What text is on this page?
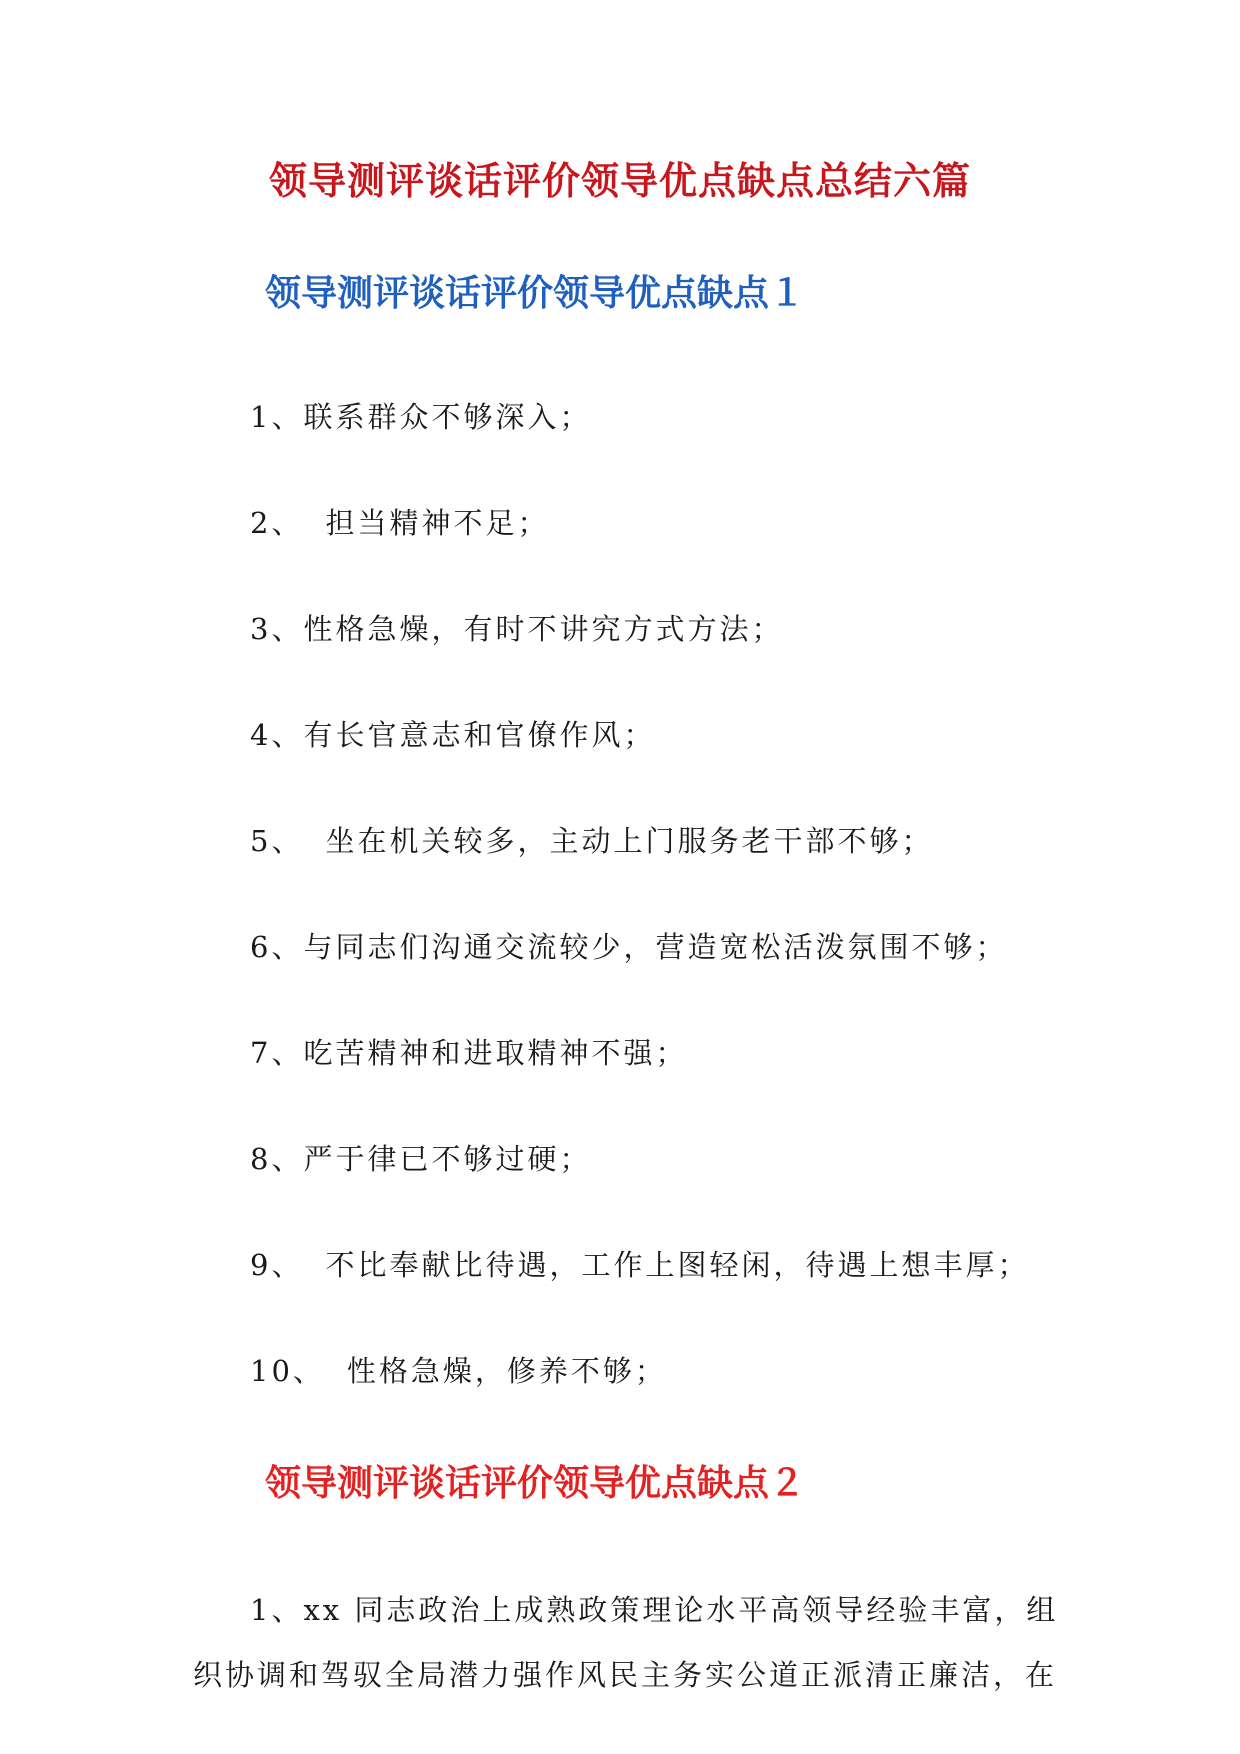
领导测评谈话评价领导优点缺点总结六篇
领导测评谈话评价领导优点缺点１

1、联系群众不够深入；

2、 担当精神不足；

3、性格急燥，有时不讲究方式方法；

4、有长官意志和官僚作风；

5、 坐在机关较多，主动上门服务老干部不够；

6、与同志们沟通交流较少，营造宽松活泼氛围不够；

7、吃苦精神和进取精神不强；

8、严于律已不够过硬；

9、 不比奉献比待遇，工作上图轻闲，待遇上想丰厚；

10、 性格急燥，修养不够；

领导测评谈话评价领导优点缺点２

1、xx 同志政治上成熟政策理论水平高领导经验丰富，组 织协调和驾驭全局潜力强作风民主务实公道正派清正廉洁，在
